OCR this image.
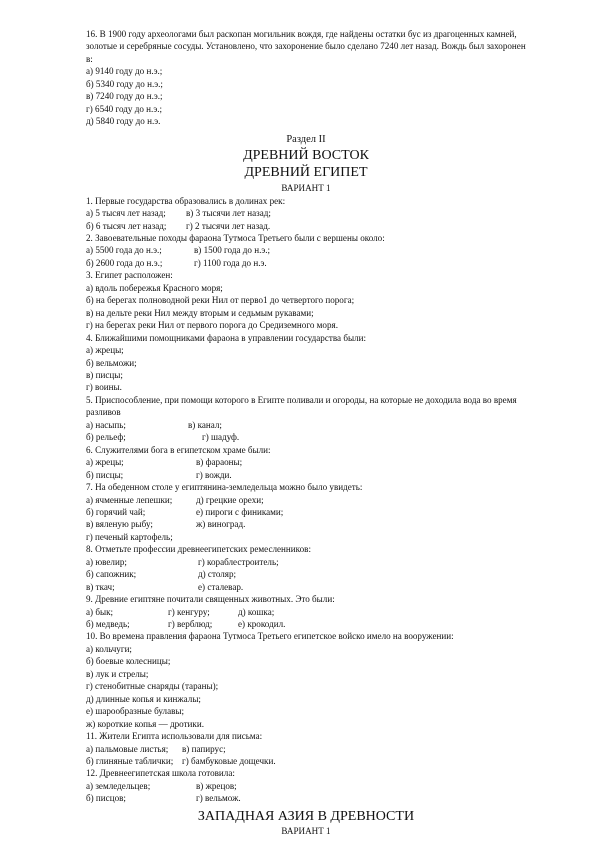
16. В 1900 году археологами был раскопан могильник вождя, где найдены остатки бус из драгоценных камней, золотые и серебряные сосуды. Установлено, что захоронение было сделано 7240 лет назад. Вождь был захоронен в:
а) 9140 году до н.э.;
б) 5340 году до н.э.;
в) 7240 году до н.э.;
г) 6540 году до н.э.;
д) 5840 году до н.э.
Раздел II
ДРЕВНИЙ ВОСТОК
ДРЕВНИЙ ЕГИПЕТ
ВАРИАНТ 1
1. Первые государства образовались в долинах рек:
а) 5 тысяч лет назад;	в) 3 тысячи лет назад;
б) 6 тысяч лет назад;	г) 2 тысячи лет назад.
2. Завоевательные походы фараона Тутмоса Третьего были с вершены около:
а) 5500 года до н.э.;	в) 1500 года до н.э.;
б) 2600 года до н.э.;	г) 1100 года до н.э.
3. Египет расположен:
а) вдоль побережья Красного моря;
б) на берегах полноводной реки Нил от перво1 до четвертого порога;
в) на дельте реки Нил между вторым и седьмым рукавами;
г) на берегах реки Нил от первого порога до Средиземного моря.
4. Ближайшими помощниками фараона в управлении государства были:
а) жрецы;
б) вельможи;
в) писцы;
г) воины.
5. Приспособление, при помощи которого в Египте поливали и огороды, на которые не доходила вода во время разливов
а) насыпь;	в) канал;
б) рельеф;	г) шадуф.
6. Служителями бога в египетском храме были:
а) жрецы;	в) фараоны;
б) писцы;	г) вожди.
7. На обеденном столе у египтянина-земледельца можно было увидеть:
а) ячменные лепешки;	д) грецкие орехи;
б) горячий чай;	е) пироги с финиками;
в) вяленую рыбу;	ж) виноград.
г) печеный картофель;
8. Отметьте профессии древнеегипетских ремесленников:
а) ювелир;	г) кораблестроитель;
б) сапожник;	д) столяр;
в) ткач;	е) сталевар.
9. Древние египтяне почитали священных животных. Это были:
а) бык;	г) кенгуру;	д) кошка;
б) медведь;	г) верблюд;	е) крокодил.
10. Во времена правления фараона Тутмоса Третьего египетское войско имело на вооружении:
а) кольчуги;
б) боевые колесницы;
в) лук и стрелы;
г) стенобитные снаряды (тараны);
д) длинные копья и кинжалы;
е) шарообразные булавы;
ж) короткие копья — дротики.
11. Жители Египта использовали для письма:
а) пальмовые листья;	в) папирус;
б) глиняные таблички; г) бамбуковые дощечки.
12. Древнеегипетская школа готовила:
а) земледельцев;	в) жрецов;
б) писцов;	г) вельмож.
ЗАПАДНАЯ АЗИЯ В ДРЕВНОСТИ
ВАРИАНТ 1
